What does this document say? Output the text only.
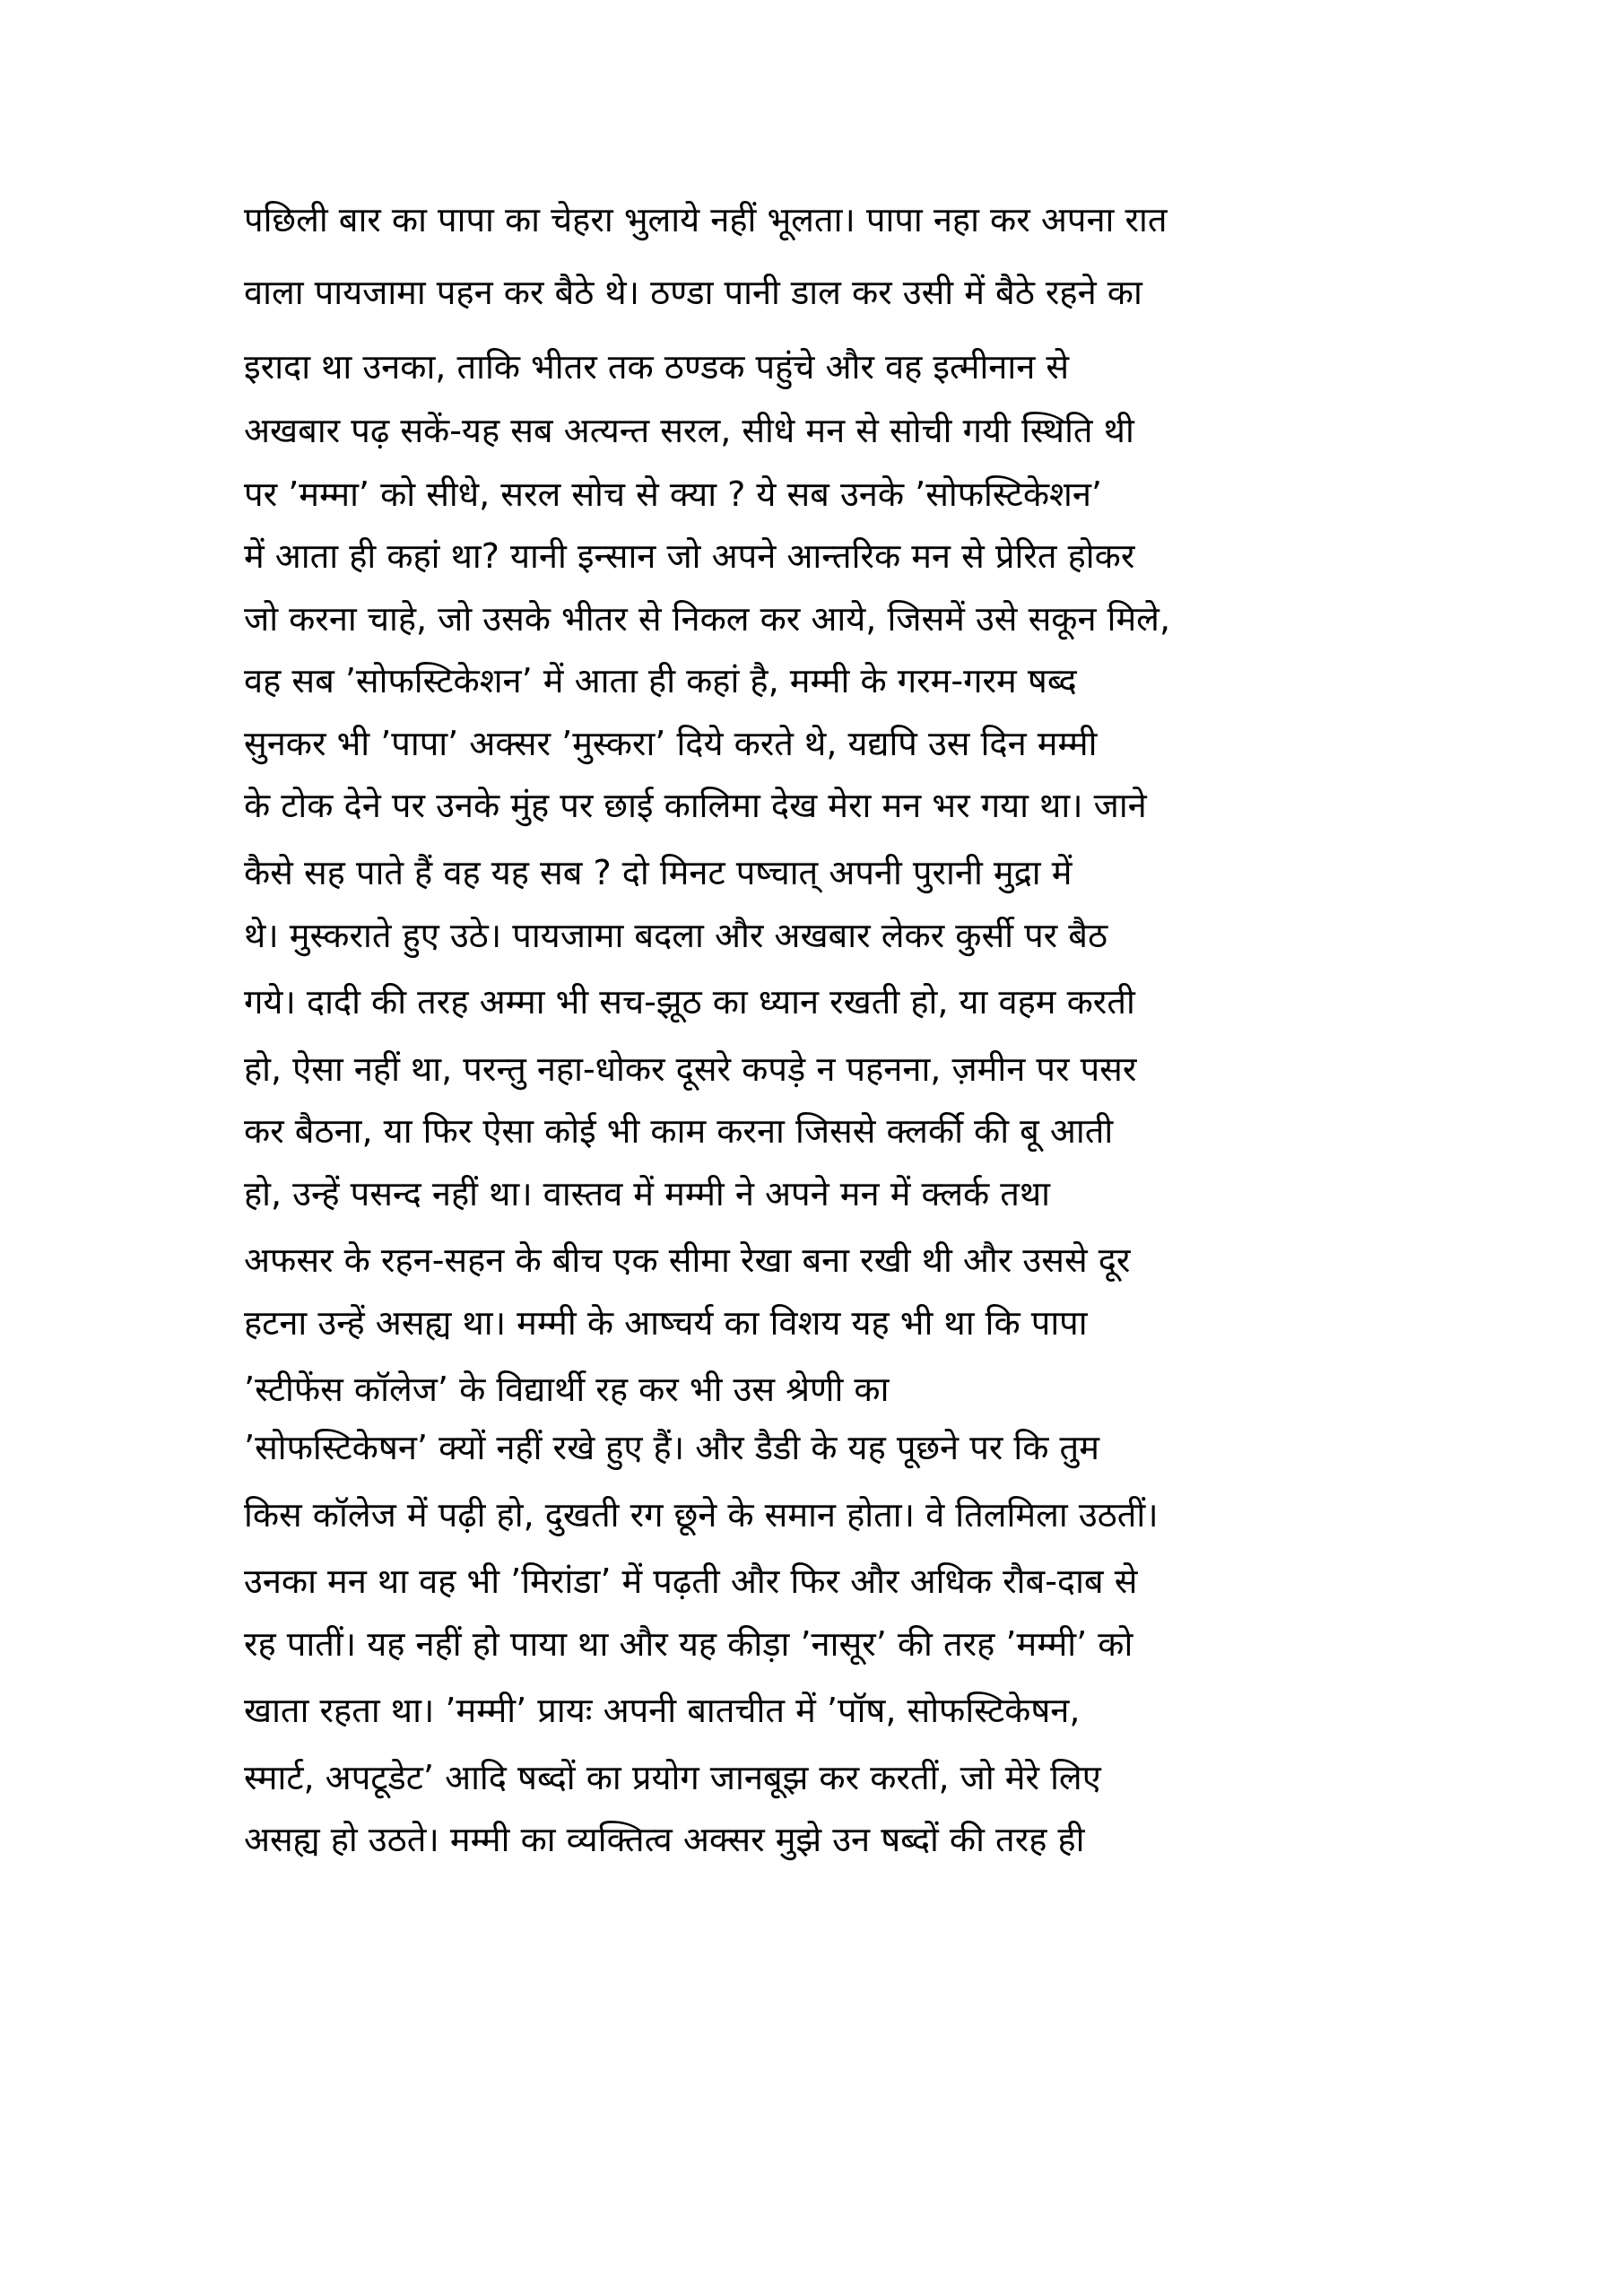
पछिली बार का पापा का चेहरा भुलाये नहीं भूलता। पापा नहा कर अपना रात
वाला पायजामा पहन कर बैठे थे। ठण्डा पानी डाल कर उसी में बैठे रहने का
इरादा था उनका, ताकि भीतर तक ठण्डक पहुंचे और वह इत्मीनान से
अखबार पढ़ सकें-यह सब अत्यन्त सरल, सीधे मन से सोची गयी स्थिति थी
पर ’मम्मा’ को सीधे, सरल सोच से क्या ? ये सब उनके ’सोफस्टिकेशन’
में आता ही कहां था? यानी इन्सान जो अपने आन्तरिक मन से प्रेरित होकर
जो करना चाहे, जो उसके भीतर से निकल कर आये, जिसमें उसे सकून मिले,
वह सब ’सोफस्टिकेशन’ में आता ही कहां है, मम्मी के गरम-गरम षब्द
सुनकर भी ’पापा’ अक्सर ’मुस्करा’ दिये करते थे, यद्यपि उस दिन मम्मी
के टोक देने पर उनके मुंह पर छाई कालिमा देख मेरा मन भर गया था। जाने
कैसे सह पाते हैं वह यह सब ? दो मिनट पष्चात् अपनी पुरानी मुद्रा में
थे। मुस्कराते हुए उठे। पायजामा बदला और अखबार लेकर कुर्सी पर बैठ
गये। दादी की तरह अम्मा भी सच-झूठ का ध्यान रखती हो, या वहम करती
हो, ऐसा नहीं था, परन्तु नहा-धोकर दूसरे कपड़े न पहनना, ज़मीन पर पसर
कर बैठना, या फिर ऐसा कोई भी काम करना जिससे क्लर्की की बू आती
हो, उन्हें पसन्द नहीं था। वास्तव में मम्मी ने अपने मन में क्लर्क तथा
अफसर के रहन-सहन के बीच एक सीमा रेखा बना रखी थी और उससे दूर
हटना उन्हें असह्य था। मम्मी के आष्चर्य का विशय यह भी था कि पापा
’स्टीफेंस कॉलेज’ के विद्यार्थी रह कर भी उस श्रेणी का
’सोफस्टिकेषन’ क्यों नहीं रखे हुए हैं। और डैडी के यह पूछने पर कि तुम
किस कॉलेज में पढ़ी हो, दुखती रग छूने के समान होता। वे तिलमिला उठतीं।
उनका मन था वह भी ’मिरांडा’ में पढ़ती और फिर और अधिक रौब-दाब से
रह पातीं। यह नहीं हो पाया था और यह कीड़ा ’नासूर’ की तरह ’मम्मी’ को
खाता रहता था। ’मम्मी’ प्रायः अपनी बातचीत में ’पॉष, सोफस्टिकेषन,
स्मार्ट, अपटूडेट’ आदि षब्दों का प्रयोग जानबूझ कर करतीं, जो मेरे लिए
असह्य हो उठते। मम्मी का व्यक्तित्व अक्सर मुझे उन षब्दों की तरह ही
